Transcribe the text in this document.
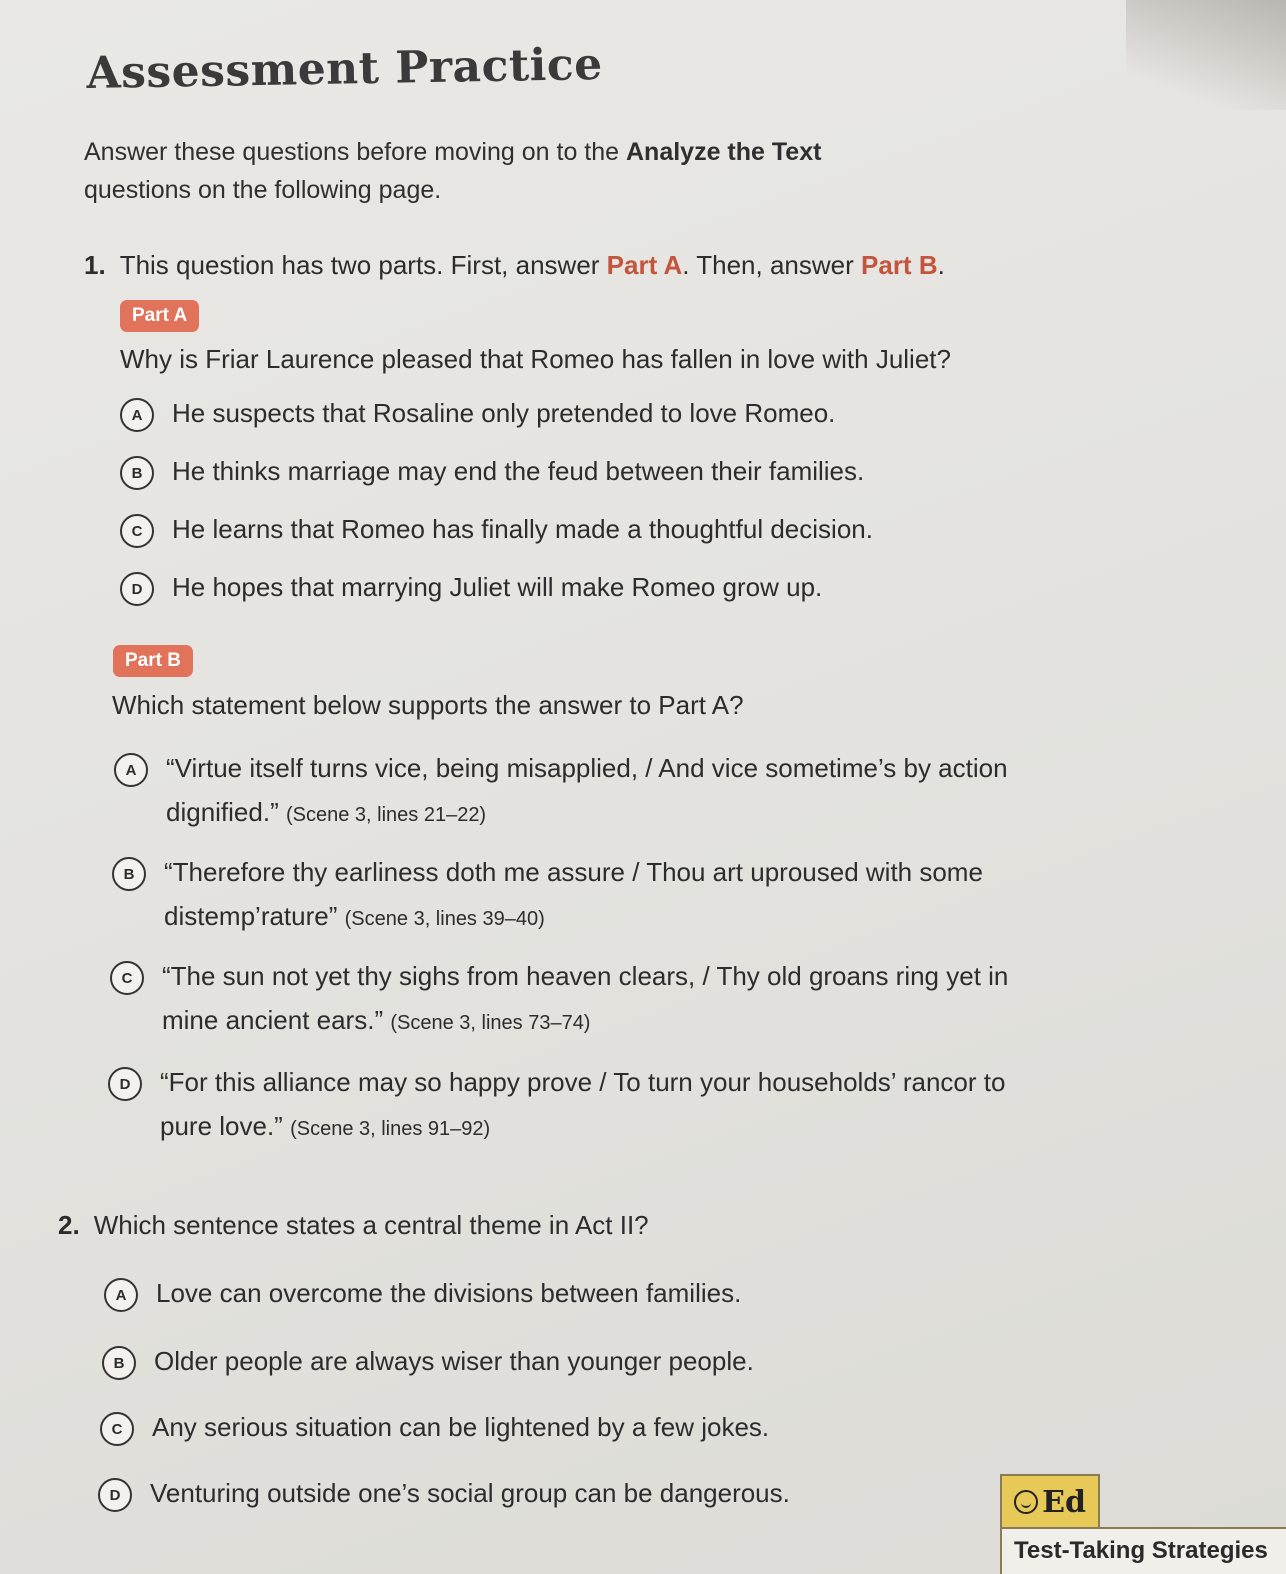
Assessment Practice
Answer these questions before moving on to the Analyze the Text
questions on the following page.
1. This question has two parts. First, answer Part A. Then, answer Part B.
Part A
Why is Friar Laurence pleased that Romeo has fallen in love with Juliet?
A	He suspects that Rosaline only pretended to love Romeo.
B	He thinks marriage may end the feud between their families.
C	He learns that Romeo has finally made a thoughtful decision.
D	He hopes that marrying Juliet will make Romeo grow up.
Part B
Which statement below supports the answer to Part A?
A	“Virtue itself turns vice, being misapplied, / And vice sometime’s by action
dignified.” (Scene 3, lines 21–22)
B	“Therefore thy earliness doth me assure / Thou art uproused with some
distemp’rature” (Scene 3, lines 39–40)
C	“The sun not yet thy sighs from heaven clears, / Thy old groans ring yet in
mine ancient ears.” (Scene 3, lines 73–74)
D	“For this alliance may so happy prove / To turn your households’ rancor to
pure love.” (Scene 3, lines 91–92)
2. Which sentence states a central theme in Act II?
A	Love can overcome the divisions between families.
B	Older people are always wiser than younger people.
C	Any serious situation can be lightened by a few jokes.
D	Venturing outside one’s social group can be dangerous.	Ed
Test-Taking Strategies
